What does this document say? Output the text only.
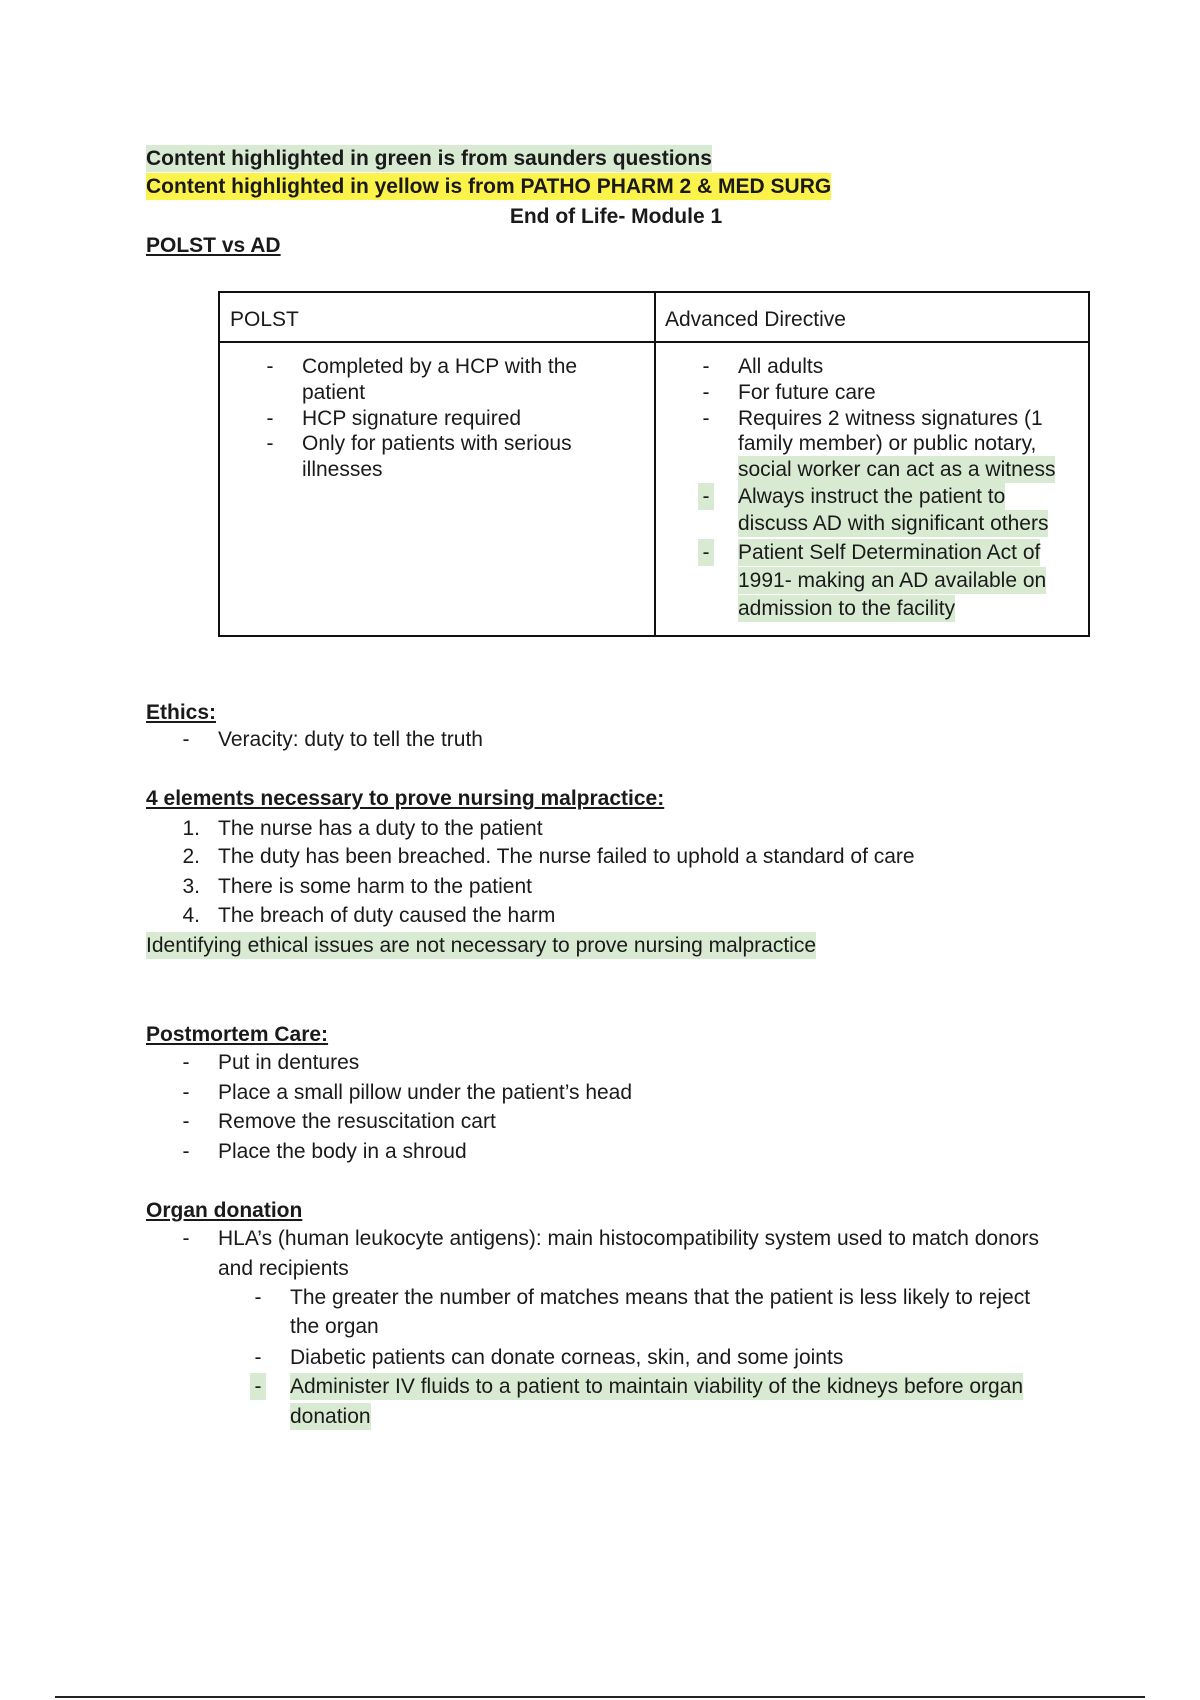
Content highlighted in green is from saunders questions
Content highlighted in yellow is from PATHO PHARM 2 & MED SURG
End of Life- Module 1
POLST vs AD
POLST	Advanced Directive
- Completed by a HCP with the
patient
- HCP signature required
- Only for patients with serious
illnesses
- All adults
- For future care
- Requires 2 witness signatures (1
family member) or public notary,
social worker can act as a witness
- Always instruct the patient to
discuss AD with significant others
- Patient Self Determination Act of
1991- making an AD available on
admission to the facility
Ethics:
- Veracity: duty to tell the truth
4 elements necessary to prove nursing malpractice:
1. The nurse has a duty to the patient
2. The duty has been breached. The nurse failed to uphold a standard of care
3. There is some harm to the patient
4. The breach of duty caused the harm
Identifying ethical issues are not necessary to prove nursing malpractice
Postmortem Care:
- Put in dentures
- Place a small pillow under the patient’s head
- Remove the resuscitation cart
- Place the body in a shroud
Organ donation
- HLA’s (human leukocyte antigens): main histocompatibility system used to match donors
and recipients
- The greater the number of matches means that the patient is less likely to reject
the organ
- Diabetic patients can donate corneas, skin, and some joints
- Administer IV fluids to a patient to maintain viability of the kidneys before organ
donation
